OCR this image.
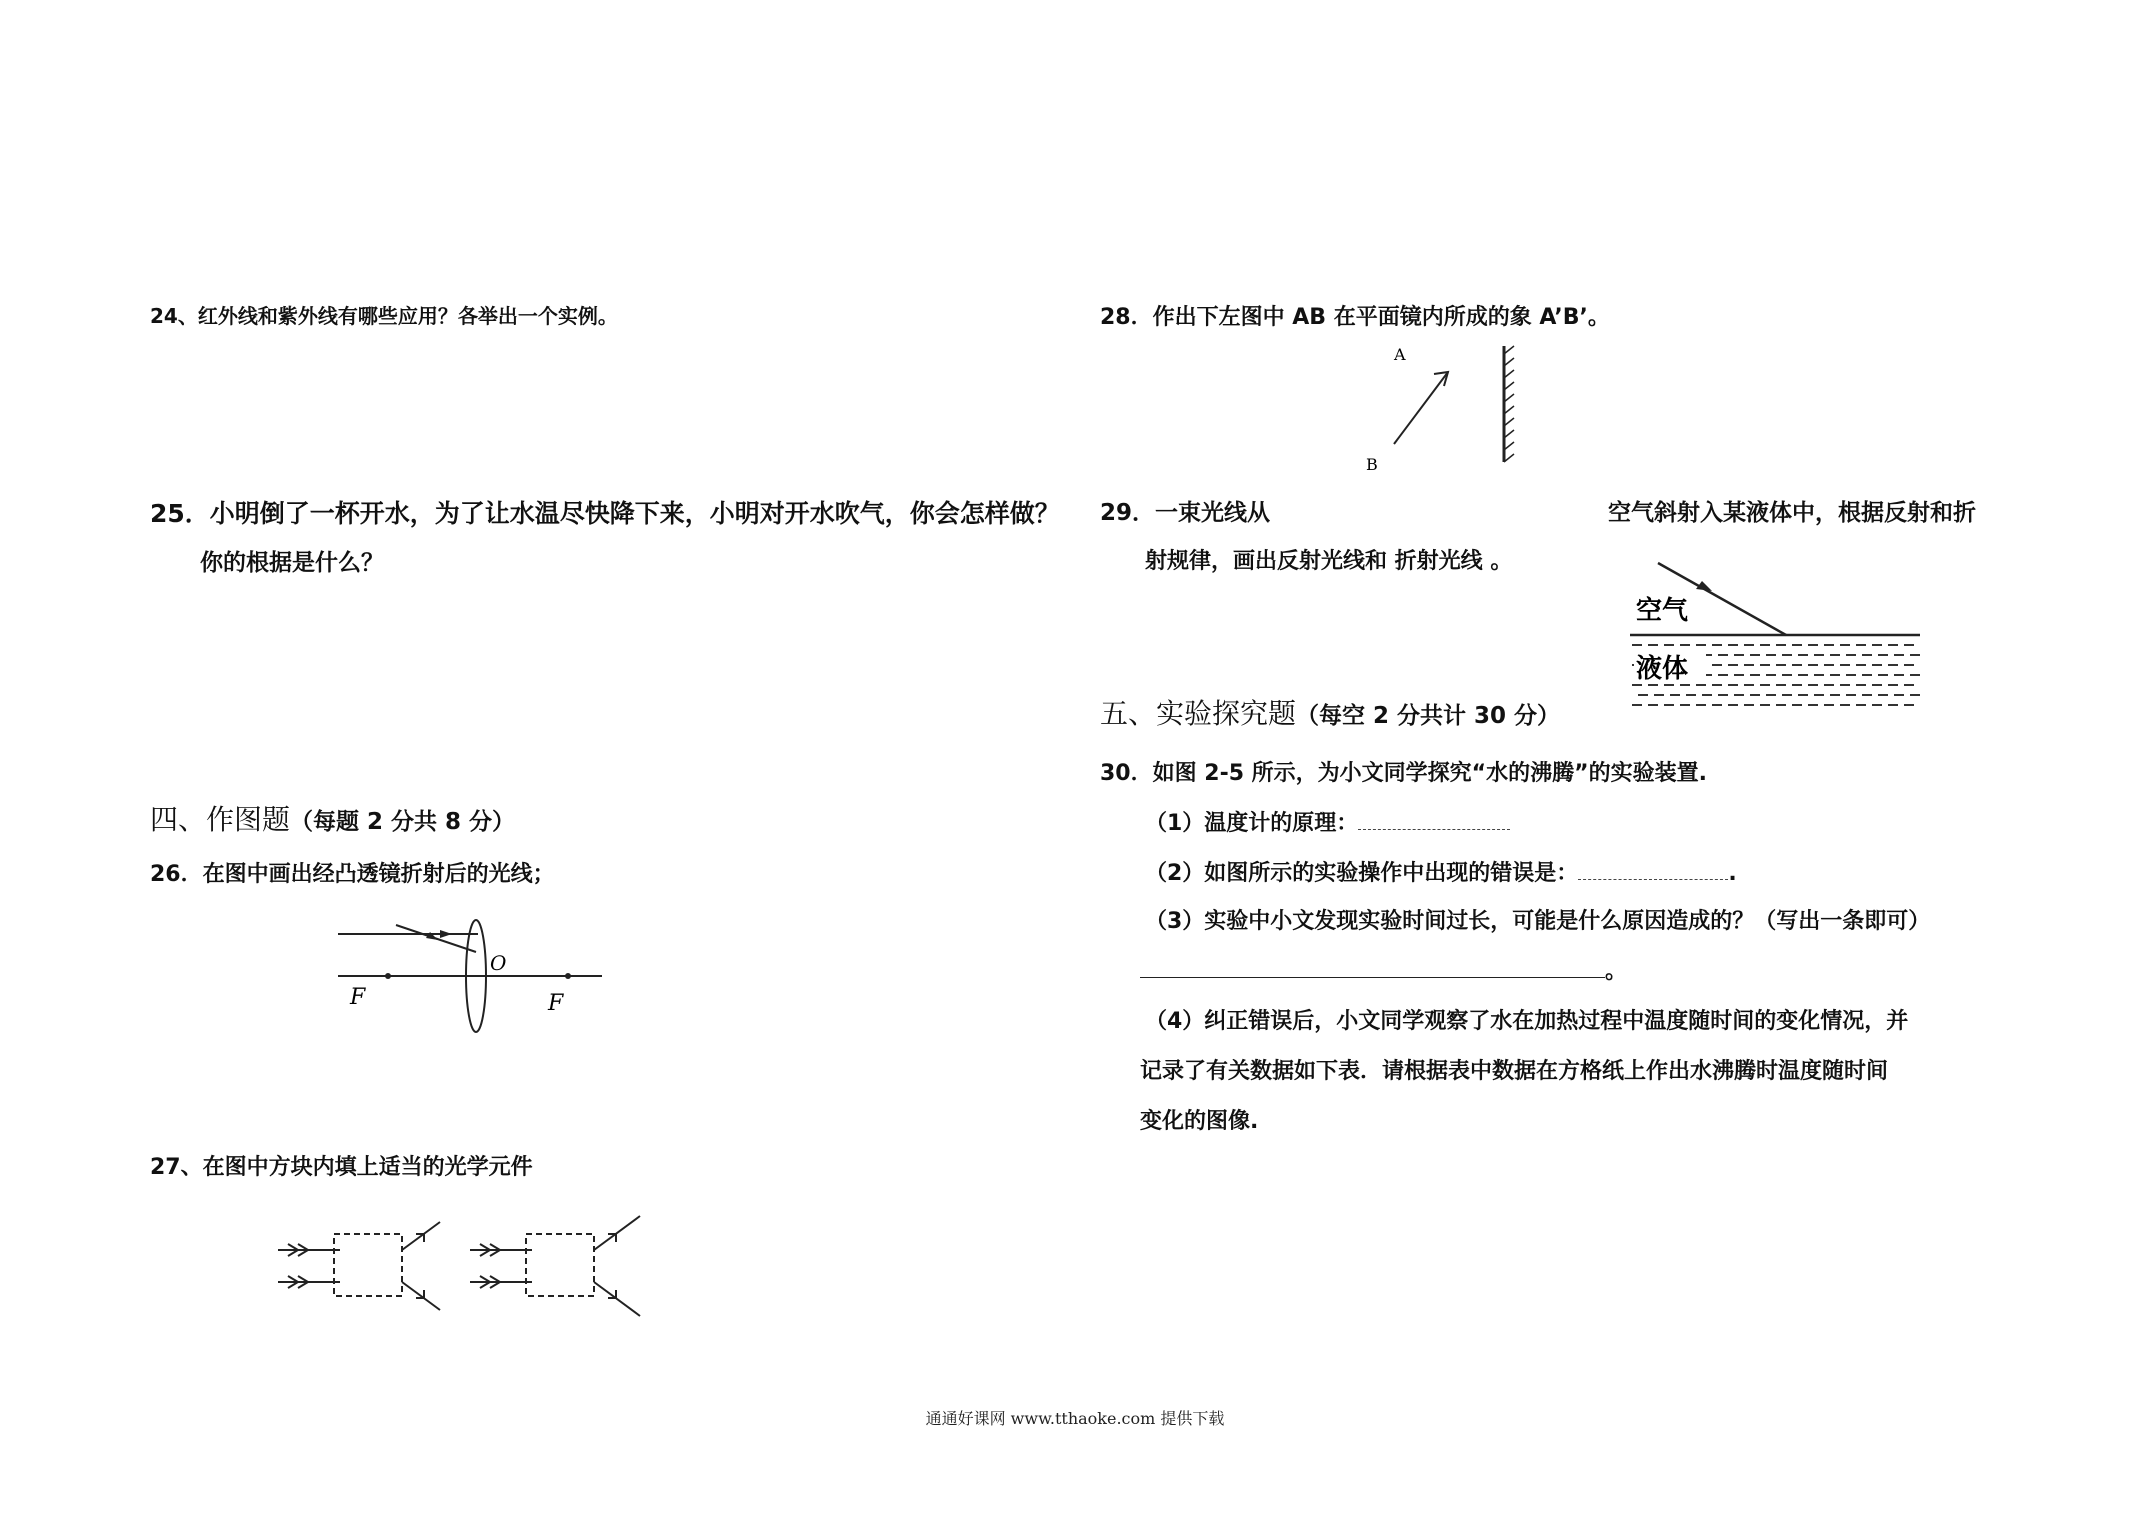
24、红外线和紫外线有哪些应用？各举出一个实例。
25．小明倒了一杯开水，为了让水温尽快降下来，小明对开水吹气，你会怎样做？
你的根据是什么？
四、作图题（每题 2 分共 8 分）
26．在图中画出经凸透镜折射后的光线；
O
F	F
27、在图中方块内填上适当的光学元件
28．作出下左图中 AB 在平面镜内所成的象 A’B’。
A
B
29． 一束光线从	空气斜射入某液体中，根据反射和折
射规律，画出反射光线和 折射光线 。
空气
液体
五、实验探究题（每空 2 分共计 30 分）
30．如图 2-5 所示，为小文同学探究“水的沸腾”的实验装置.
（1）温度计的原理：
（2）如图所示的实验操作中出现的错误是：	.
（3）实验中小文发现实验时间过长，可能是什么原因造成的？（写出一条即可）
。
（4）纠正错误后，小文同学观察了水在加热过程中温度随时间的变化情况，并
记录了有关数据如下表．请根据表中数据在方格纸上作出水沸腾时温度随时间
变化的图像.
通通好课网 www.tthaoke.com 提供下载
